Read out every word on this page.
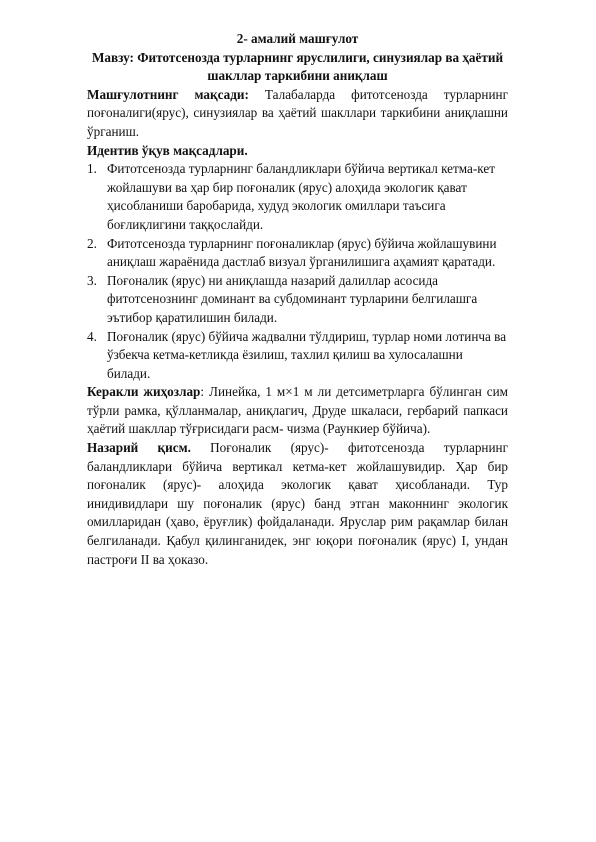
2- амалий машғулот
Мавзу: Фитотсенозда турларнинг яруслилиги, синузиялар ва ҳаётий шакллар таркибини аниқлаш

Машғулотнинг мақсади: Талабаларда фитотсенозда турларнинг поғоналиги(ярус), синузиялар ва ҳаётий шакллари таркибини аниқлашни ўрганиш.

Идентив ўқув мақсадлари.
1. Фитотсенозда турларнинг баландликлари бўйича вертикал кетма-кет жойлашуви ва ҳар бир поғоналик (ярус) алоҳида экологик қават ҳисобланиши баробарида, худуд экологик омиллари таъсига боғлиқлигини таққослайди.
2. Фитотсенозда турларнинг поғоналиклар (ярус) бўйича жойлашувини аниқлаш жараёнида дастлаб визуал ўрганилишига аҳамият қаратади.
3. Поғоналик (ярус) ни аниқлашда назарий далиллар асосида фитотсенознинг доминант ва субдоминант турларини белгилашга эътибор қаратилишин билади.
4. Поғоналик (ярус) бўйича жадвални тўлдириш, турлар номи лотинча ва ўзбекча кетма-кетликда ёзилиш, тахлил қилиш ва хулосалашни билади.

Керакли жиҳозлар: Линейка, 1 м×1 м ли детсиметрларга бўлинган сим тўрли рамка, қўлланмалар, аниқлагич, Друде шкаласи, гербарий папкаси ҳаётий шакллар тўғрисидаги расм- чизма (Раункиер бўйича).

Назарий қисм. Поғоналик (ярус)- фитотсенозда турларнинг баландликлари бўйича вертикал кетма-кет жойлашувидир. Ҳар бир поғоналик (ярус)- алоҳида экологик қават ҳисобланади. Тур инидивидлари шу поғоналик (ярус) банд этган маконнинг экологик омилларидан (ҳаво, ёруғлик) фойдаланади. Яруслар рим рақамлар билан белгиланади. Қабул қилинганидек, энг юқори поғоналик (ярус) I, ундан пастроғи II ва ҳоказо.
